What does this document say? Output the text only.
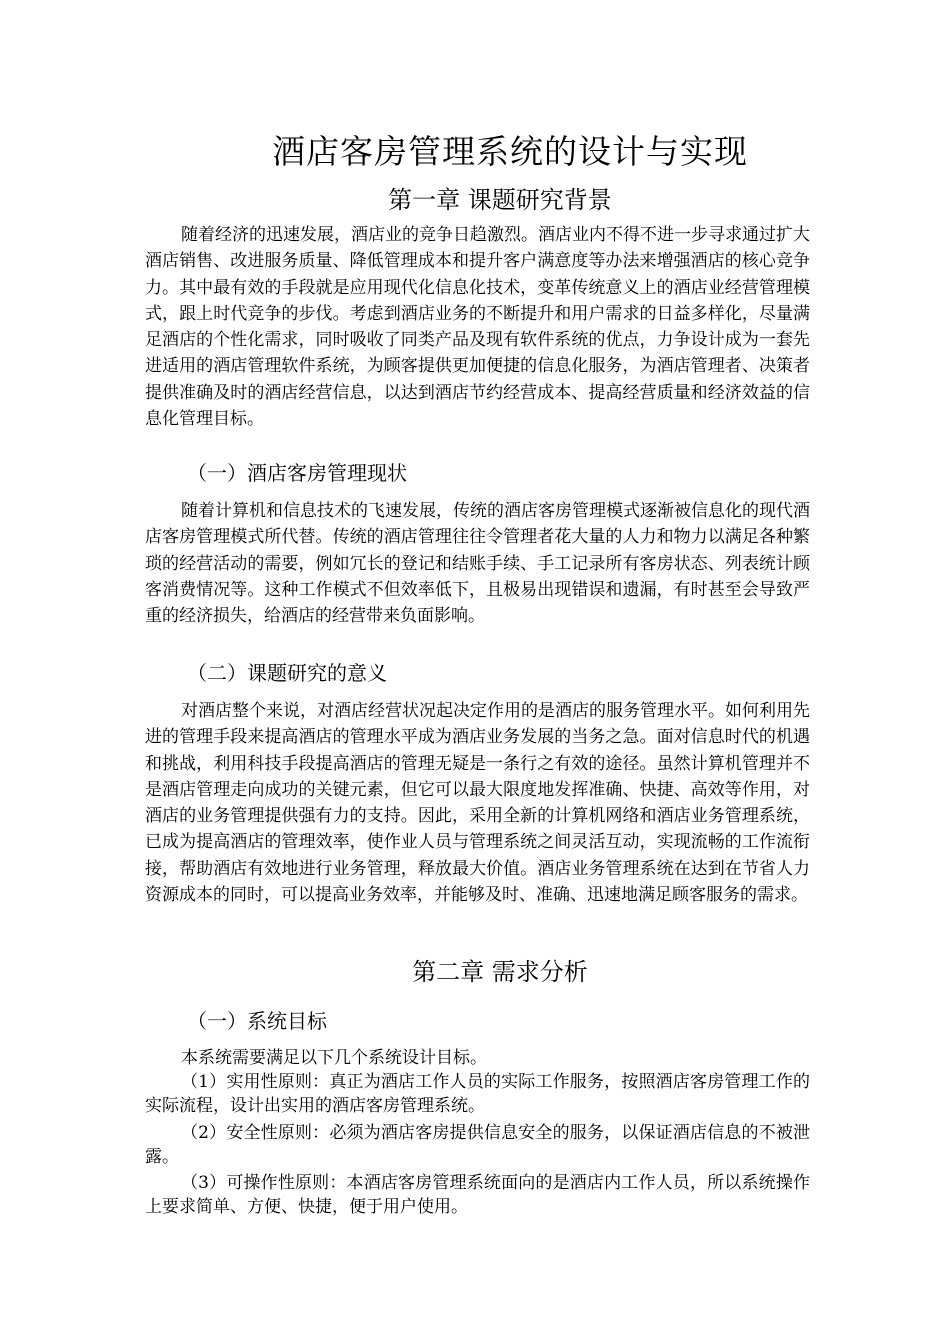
酒店客房管理系统的设计与实现
第一章 课题研究背景

随着经济的迅速发展，酒店业的竞争日趋激烈。酒店业内不得不进一步寻求通过扩大酒店销售、改进服务质量、降低管理成本和提升客户满意度等办法来增强酒店的核心竞争力。其中最有效的手段就是应用现代化信息化技术，变革传统意义上的酒店业经营管理模式，跟上时代竞争的步伐。考虑到酒店业务的不断提升和用户需求的日益多样化，尽量满足酒店的个性化需求，同时吸收了同类产品及现有软件系统的优点，力争设计成为一套先进适用的酒店管理软件系统，为顾客提供更加便捷的信息化服务，为酒店管理者、决策者提供准确及时的酒店经营信息，以达到酒店节约经营成本、提高经营质量和经济效益的信息化管理目标。

（一）酒店客房管理现状

随着计算机和信息技术的飞速发展，传统的酒店客房管理模式逐渐被信息化的现代酒店客房管理模式所代替。传统的酒店管理往往令管理者花大量的人力和物力以满足各种繁琐的经营活动的需要，例如冗长的登记和结账手续、手工记录所有客房状态、列表统计顾客消费情况等。这种工作模式不但效率低下，且极易出现错误和遗漏，有时甚至会导致严重的经济损失，给酒店的经营带来负面影响。

（二）课题研究的意义

对酒店整个来说，对酒店经营状况起决定作用的是酒店的服务管理水平。如何利用先进的管理手段来提高酒店的管理水平成为酒店业务发展的当务之急。面对信息时代的机遇和挑战，利用科技手段提高酒店的管理无疑是一条行之有效的途径。虽然计算机管理并不是酒店管理走向成功的关键元素，但它可以最大限度地发挥准确、快捷、高效等作用，对酒店的业务管理提供强有力的支持。因此，采用全新的计算机网络和酒店业务管理系统，已成为提高酒店的管理效率，使作业人员与管理系统之间灵活互动，实现流畅的工作流衔接，帮助酒店有效地进行业务管理，释放最大价值。酒店业务管理系统在达到在节省人力资源成本的同时，可以提高业务效率，并能够及时、准确、迅速地满足顾客服务的需求。

第二章 需求分析
（一）系统目标

本系统需要满足以下几个系统设计目标。

（1）实用性原则：真正为酒店工作人员的实际工作服务，按照酒店客房管理工作的实际流程，设计出实用的酒店客房管理系统。

（2）安全性原则：必须为酒店客房提供信息安全的服务，以保证酒店信息的不被泄露。

（3）可操作性原则：本酒店客房管理系统面向的是酒店内工作人员，所以系统操作上要求简单、方便、快捷，便于用户使用。
